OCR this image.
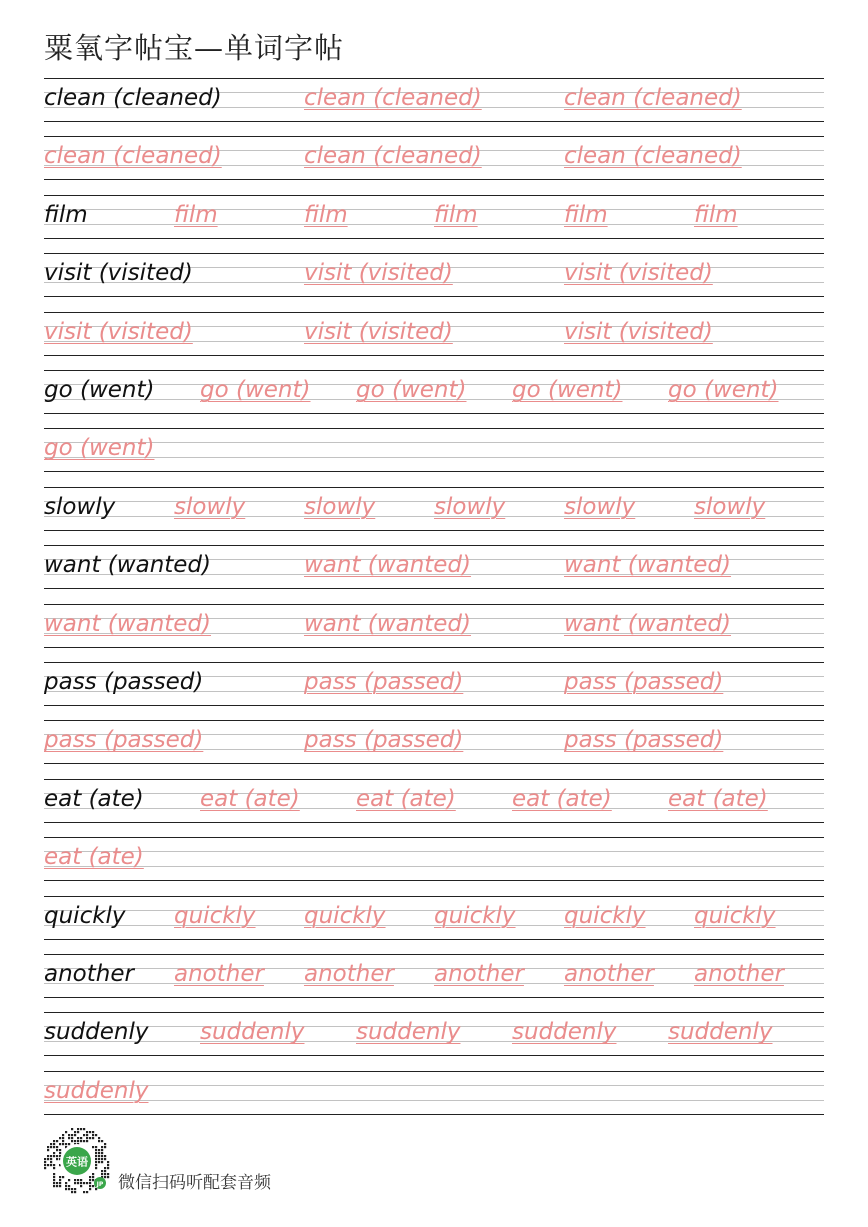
粟氧字帖宝—单词字帖
clean (cleaned)	clean (cleaned)	clean (cleaned)
clean (cleaned)	clean (cleaned)	clean (cleaned)
film	film	film	film	film	film
visit (visited)	visit (visited)	visit (visited)
visit (visited)	visit (visited)	visit (visited)
go (went) go (went) go (went) go (went) go (went)
go (went)
slowly	slowly	slowly	slowly	slowly	slowly
want (wanted)	want (wanted)	want (wanted)
want (wanted)	want (wanted)	want (wanted)
pass (passed)	pass (passed)	pass (passed)
pass (passed)	pass (passed)	pass (passed)
eat (ate) eat (ate) eat (ate) eat (ate) eat (ate)
eat (ate)
quickly quickly quickly quickly quickly quickly
another another another another another another
suddenly suddenly suddenly suddenly suddenly
suddenly
英语
JP 微信扫码听配套音频
